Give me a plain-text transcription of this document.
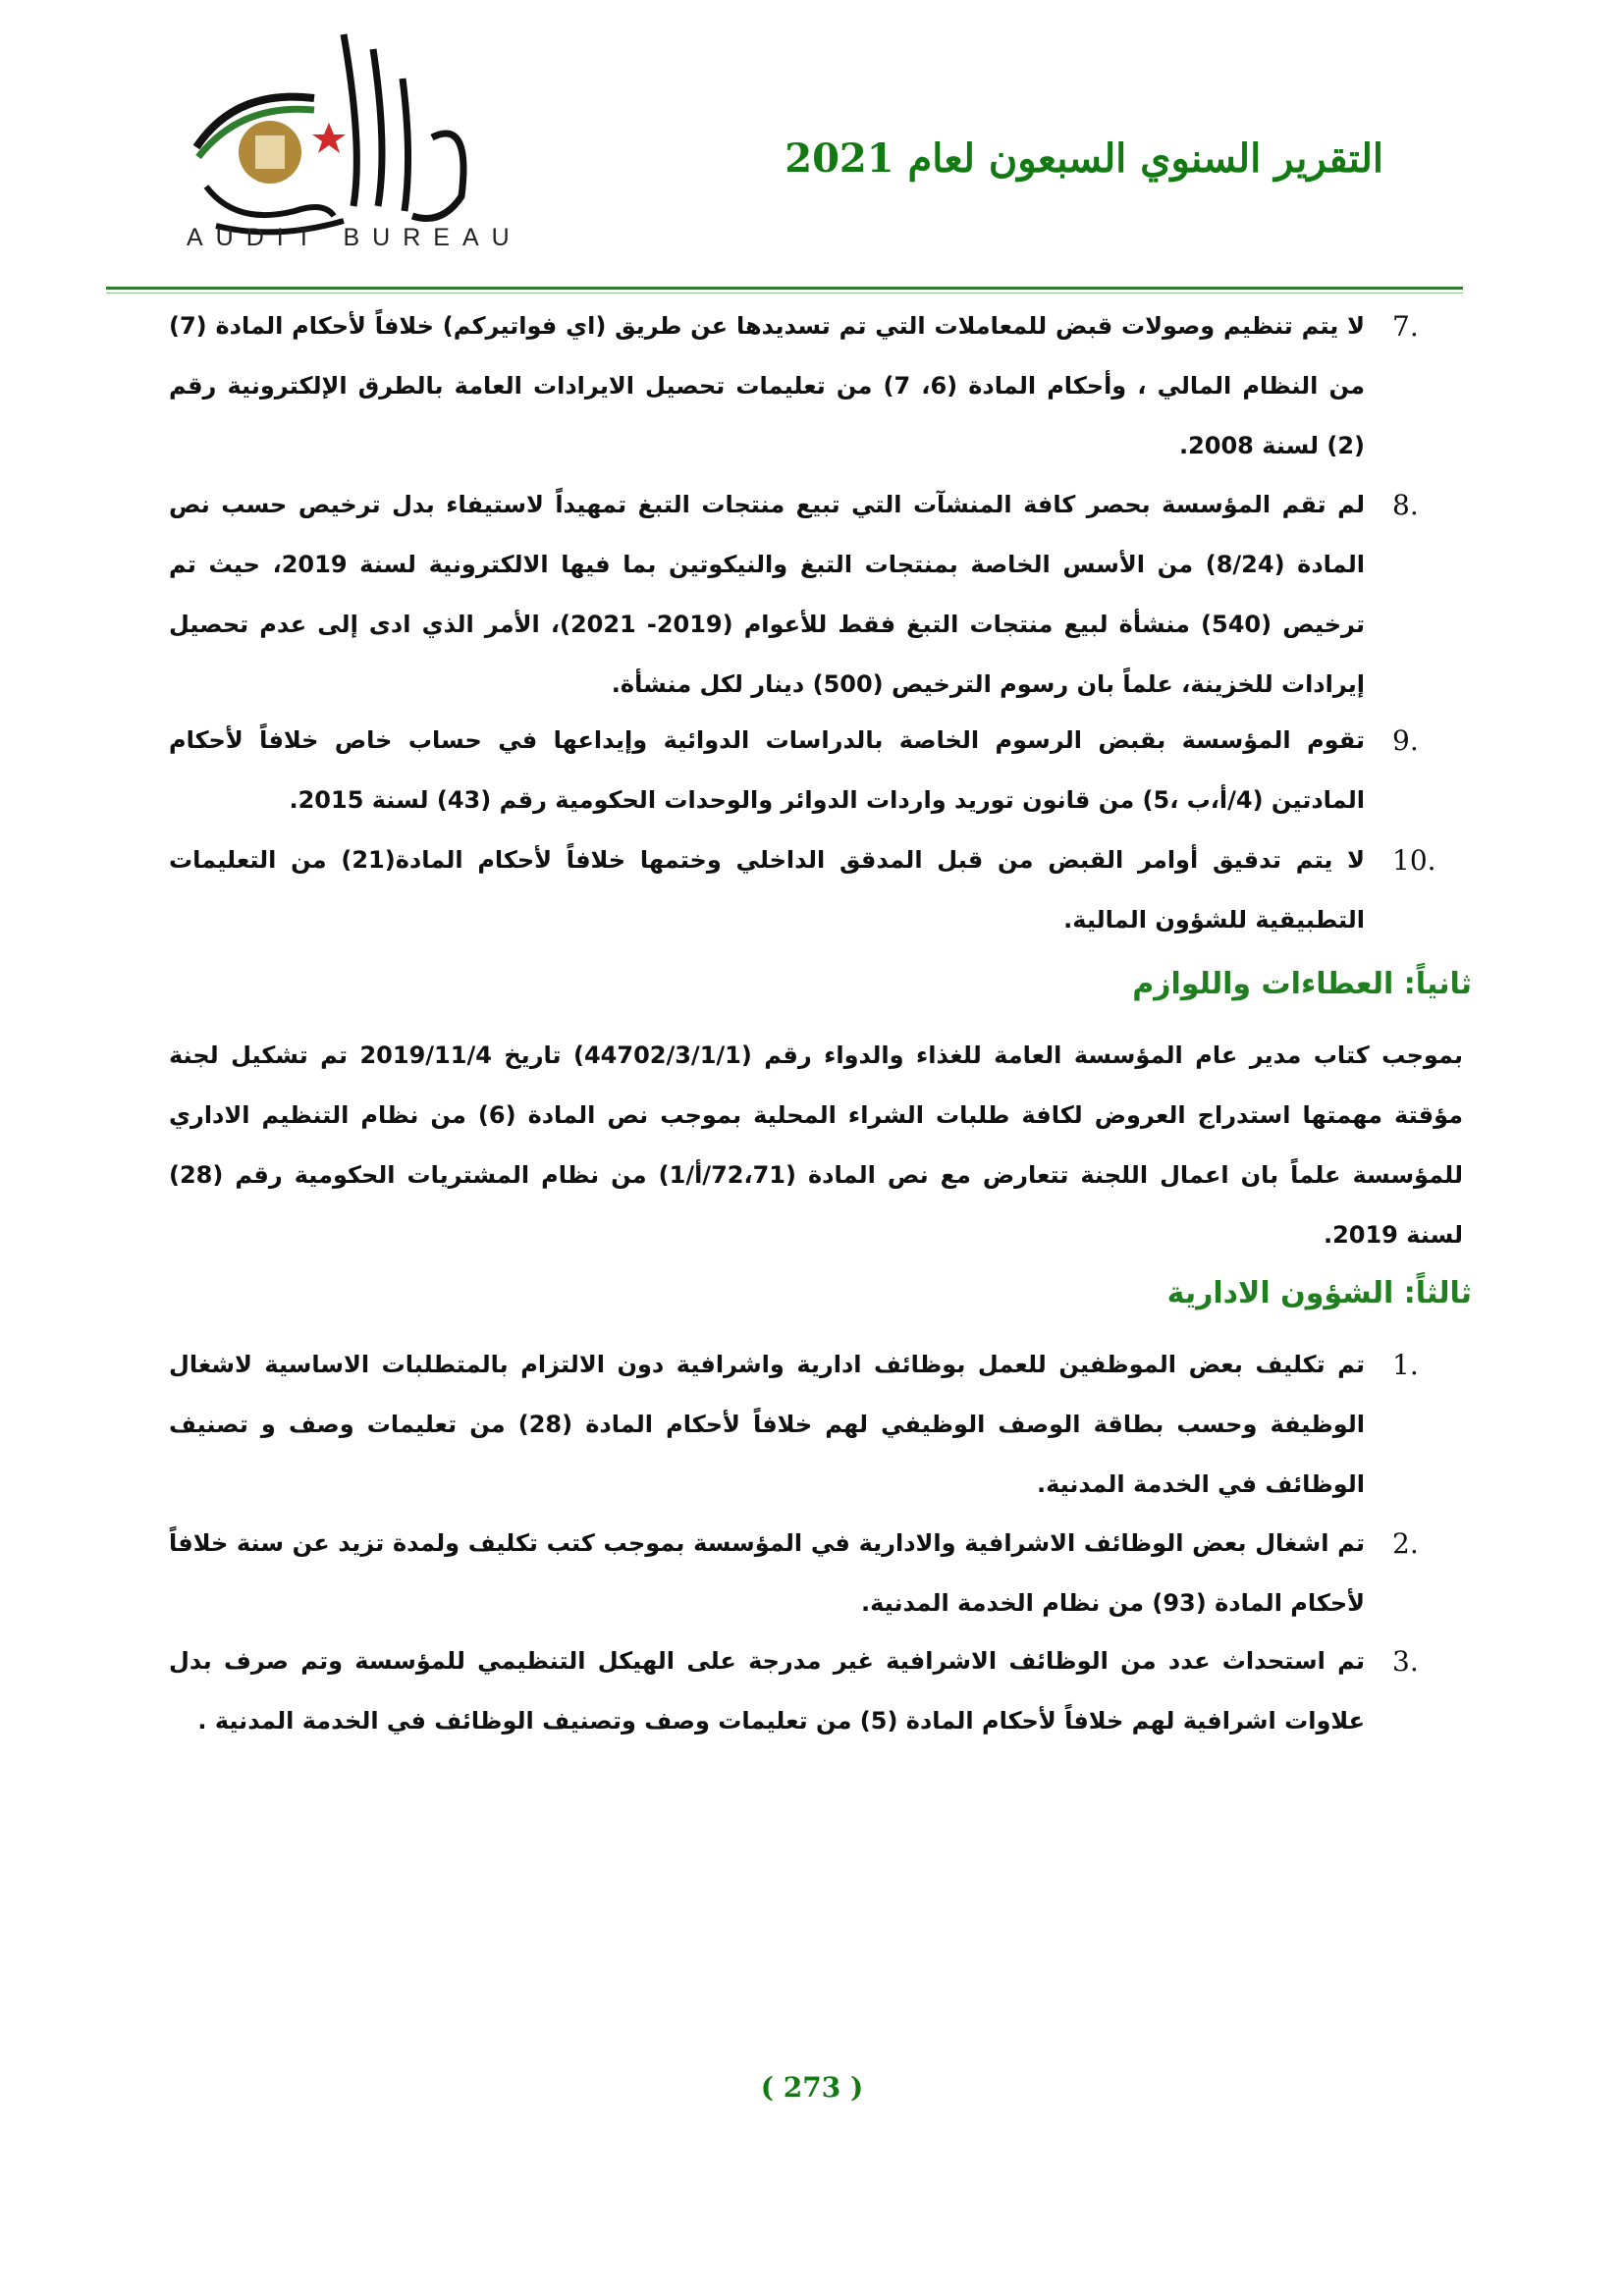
AUDIT BUREAU
التقرير السنوي السبعون لعام 2021
7.
لا يتم تنظيم وصولات قبض للمعاملات التي تم تسديدها عن طريق (اي فواتيركم) خلافاً لأحكام المادة (7) من النظام المالي ، وأحكام المادة (6، 7) من تعليمات تحصيل الايرادات العامة بالطرق الإلكترونية رقم (2) لسنة 2008.
8.
لم تقم المؤسسة بحصر كافة المنشآت التي تبيع منتجات التبغ تمهيداً لاستيفاء بدل ترخيص حسب نص المادة (8/24) من الأسس الخاصة بمنتجات التبغ والنيكوتين بما فيها الالكترونية لسنة 2019، حيث تم ترخيص (540) منشأة لبيع منتجات التبغ فقط للأعوام (2019- 2021)، الأمر الذي ادى إلى عدم تحصيل إيرادات للخزينة، علماً بان رسوم الترخيص (500) دينار لكل منشأة.
9.
تقوم المؤسسة بقبض الرسوم الخاصة بالدراسات الدوائية وإيداعها في حساب خاص خلافاً لأحكام المادتين (4/أ،ب ،5) من قانون توريد واردات الدوائر والوحدات الحكومية رقم (43) لسنة 2015.
10.
لا يتم تدقيق أوامر القبض من قبل المدقق الداخلي وختمها خلافاً لأحكام المادة(21) من التعليمات التطبيقية للشؤون المالية.
ثانياً: العطاءات واللوازم
بموجب كتاب مدير عام المؤسسة العامة للغذاء والدواء رقم (44702/3/1/1) تاريخ 2019/11/4 تم تشكيل لجنة مؤقتة مهمتها استدراج العروض لكافة طلبات الشراء المحلية بموجب نص المادة (6) من نظام التنظيم الاداري للمؤسسة علماً بان اعمال اللجنة تتعارض مع نص المادة (72،71/أ/1) من نظام المشتريات الحكومية رقم (28) لسنة 2019.
ثالثاً: الشؤون الادارية
1.
تم تكليف بعض الموظفين للعمل بوظائف ادارية واشرافية دون الالتزام بالمتطلبات الاساسية لاشغال الوظيفة وحسب بطاقة الوصف الوظيفي لهم خلافاً لأحكام المادة (28) من تعليمات وصف و تصنيف الوظائف في الخدمة المدنية.
2.
تم اشغال بعض الوظائف الاشرافية والادارية في المؤسسة بموجب كتب تكليف ولمدة تزيد عن سنة خلافاً لأحكام المادة (93) من نظام الخدمة المدنية.
3.
تم استحداث عدد من الوظائف الاشرافية غير مدرجة على الهيكل التنظيمي للمؤسسة وتم صرف بدل علاوات اشرافية لهم خلافاً لأحكام المادة (5) من تعليمات وصف وتصنيف الوظائف في الخدمة المدنية .
( 273 )
